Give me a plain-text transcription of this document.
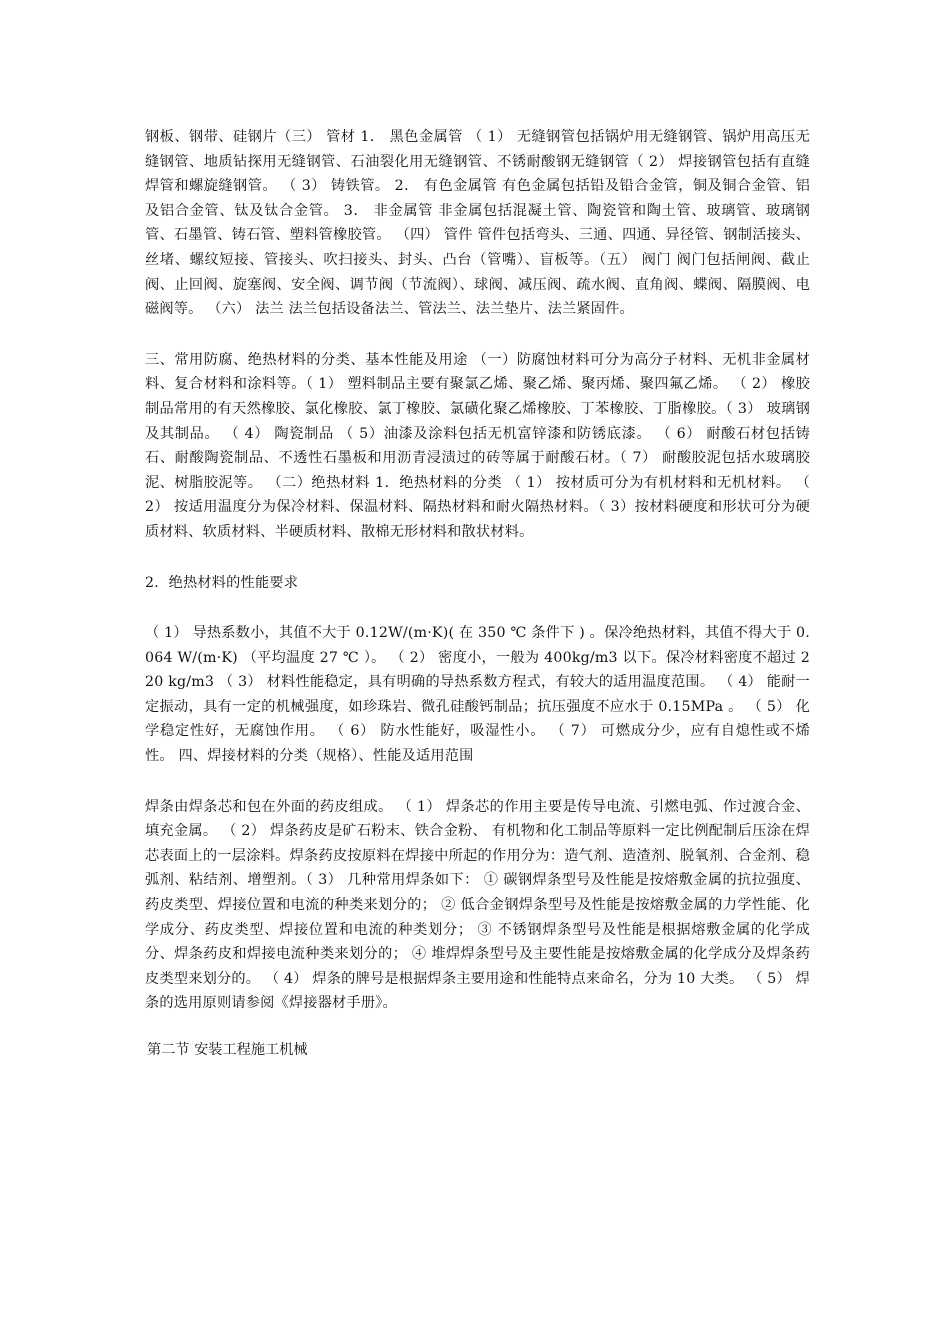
钢板、钢带、硅钢片（三） 管材 1． 黑色金属管 （ 1） 无缝钢管包括锅炉用无缝钢管、锅炉用高压无缝钢管、地质钻探用无缝钢管、石油裂化用无缝钢管、不锈耐酸钢无缝钢管（ 2） 焊接钢管包括有直缝焊管和螺旋缝钢管。 （ 3） 铸铁管。 2． 有色金属管 有色金属包括铅及铅合金管，铜及铜合金管、铝及铝合金管、钛及钛合金管。 3． 非金属管 非金属包括混凝土管、陶瓷管和陶土管、玻璃管、玻璃钢管、石墨管、铸石管、塑料管橡胶管。 （四） 管件 管件包括弯头、三通、四通、异径管、钢制活接头、丝堵、螺纹短接、管接头、吹扫接头、封头、凸台（管嘴）、盲板等。（五） 阀门 阀门包括闸阀、截止阀、止回阀、旋塞阀、安全阀、调节阀（节流阀）、球阀、减压阀、疏水阀、直角阀、蝶阀、隔膜阀、电磁阀等。 （六） 法兰 法兰包括设备法兰、管法兰、法兰垫片、法兰紧固件。

三、常用防腐、绝热材料的分类、基本性能及用途 （一）防腐蚀材料可分为高分子材料、无机非金属材料、复合材料和涂料等。（ 1） 塑料制品主要有聚氯乙烯、聚乙烯、聚丙烯、聚四氟乙烯。 （ 2） 橡胶制品常用的有天然橡胶、氯化橡胶、氯丁橡胶、氯磺化聚乙烯橡胶、丁苯橡胶、丁脂橡胶。（ 3） 玻璃钢及其制品。 （ 4） 陶瓷制品 （ 5）油漆及涂料包括无机富锌漆和防锈底漆。 （ 6） 耐酸石材包括铸石、耐酸陶瓷制品、不透性石墨板和用沥青浸渍过的砖等属于耐酸石材。（ 7） 耐酸胶泥包括水玻璃胶泥、树脂胶泥等。 （二）绝热材料 1．绝热材料的分类 （ 1） 按材质可分为有机材料和无机材料。 （ 2） 按适用温度分为保冷材料、保温材料、隔热材料和耐火隔热材料。（ 3）按材料硬度和形状可分为硬质材料、软质材料、半硬质材料、散棉无形材料和散状材料。

2．绝热材料的性能要求

（ 1） 导热系数小，其值不大于 0.12W/(m·K)( 在 350 ℃ 条件下 ) 。保冷绝热材料，其值不得大于 0.064 W/(m·K) （平均温度 27 ℃ ）。 （ 2） 密度小，一般为 400kg/m3 以下。保冷材料密度不超过 220 kg/m3 （ 3） 材料性能稳定，具有明确的导热系数方程式，有较大的适用温度范围。 （ 4） 能耐一定振动，具有一定的机械强度，如珍珠岩、微孔硅酸钙制品；抗压强度不应水于 0.15MPa 。 （ 5） 化学稳定性好，无腐蚀作用。 （ 6） 防水性能好，吸湿性小。 （ 7） 可燃成分少，应有自熄性或不烯性。 四、焊接材料的分类（规格）、性能及适用范围

焊条由焊条芯和包在外面的药皮组成。 （ 1） 焊条芯的作用主要是传导电流、引燃电弧、作过渡合金、填充金属。 （ 2） 焊条药皮是矿石粉末、铁合金粉、 有机物和化工制品等原料一定比例配制后压涂在焊芯表面上的一层涂料。焊条药皮按原料在焊接中所起的作用分为：造气剂、造渣剂、脱氧剂、合金剂、稳弧剂、粘结剂、增塑剂。（ 3） 几种常用焊条如下： ① 碳钢焊条型号及性能是按熔敷金属的抗拉强度、药皮类型、焊接位置和电流的种类来划分的； ② 低合金钢焊条型号及性能是按熔敷金属的力学性能、化学成分、药皮类型、焊接位置和电流的种类划分； ③ 不锈钢焊条型号及性能是根据熔敷金属的化学成分、焊条药皮和焊接电流种类来划分的； ④ 堆焊焊条型号及主要性能是按熔敷金属的化学成分及焊条药皮类型来划分的。 （ 4） 焊条的牌号是根据焊条主要用途和性能特点来命名，分为 10 大类。 （ 5） 焊条的选用原则请参阅《焊接器材手册》。

第二节 安装工程施工机械
